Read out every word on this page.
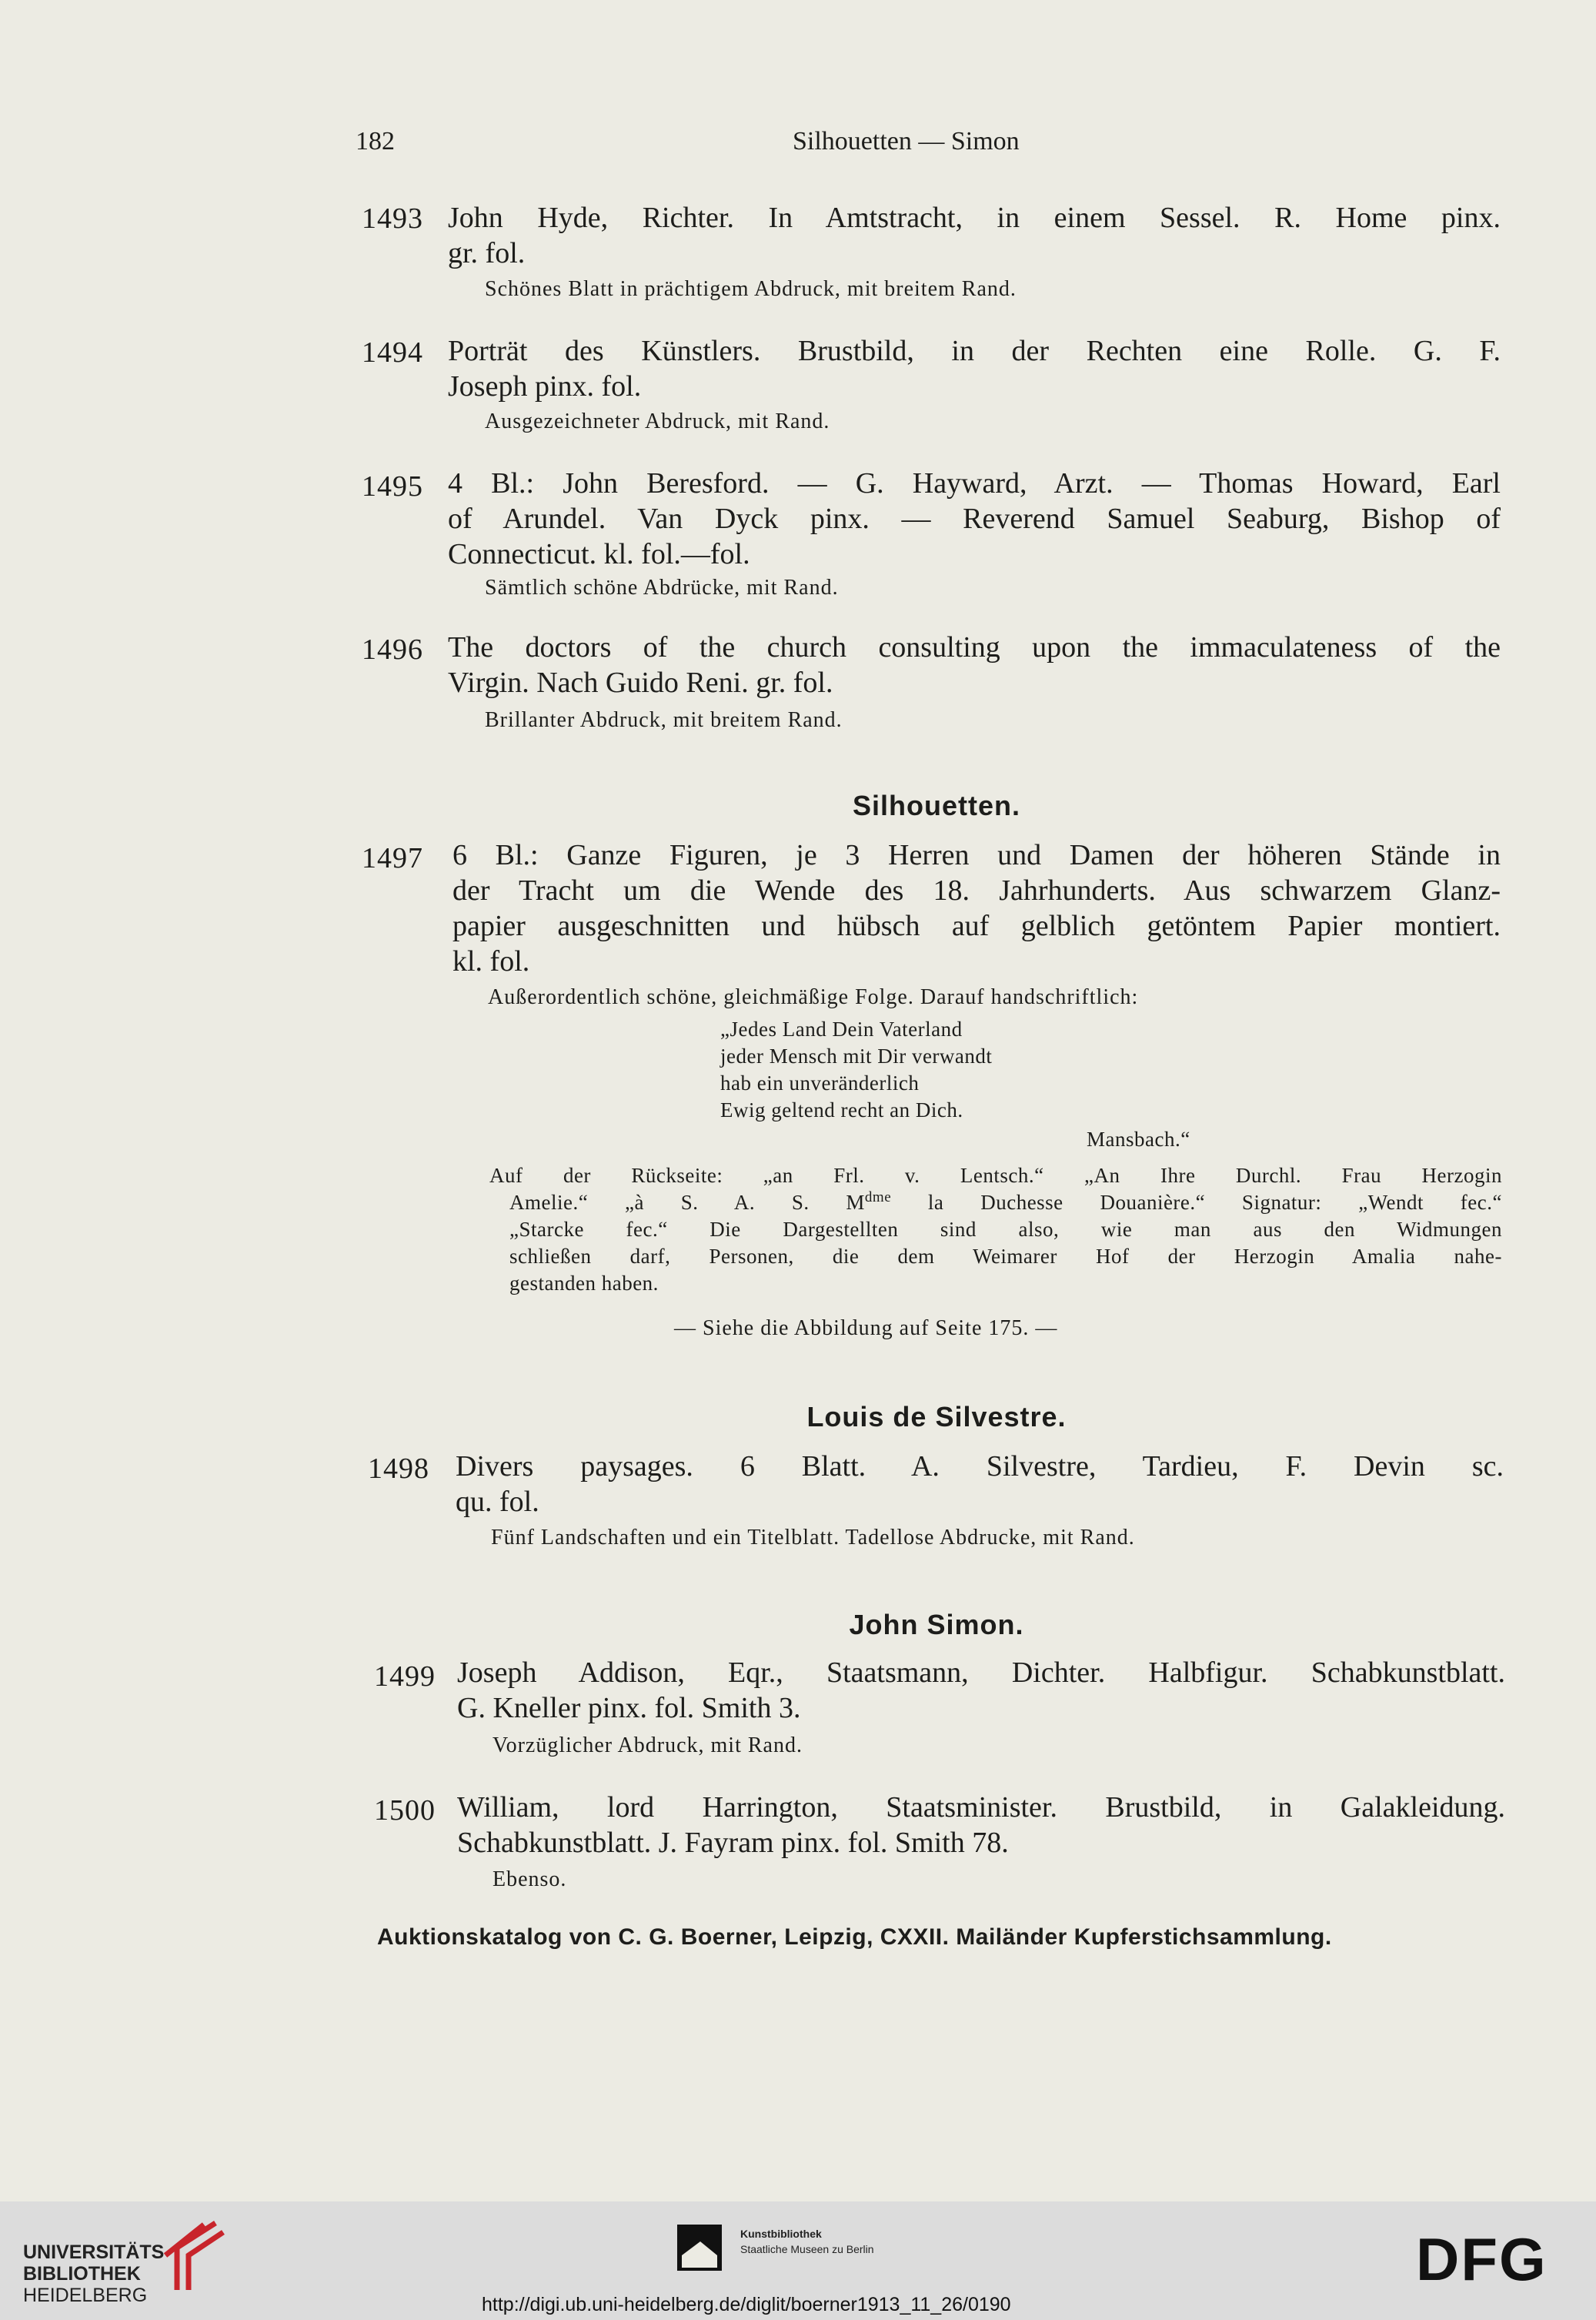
182	Silhouetten — Simon
1493 John Hyde, Richter. In Amtstracht, in einem Sessel. R. Home pinx.
gr. fol.
Schönes Blatt in prächtigem Abdruck, mit breitem Rand.
1494 Porträt des Künstlers. Brustbild, in der Rechten eine Rolle. G. F.
Joseph pinx. fol.
Ausgezeichneter Abdruck, mit Rand.
1495 4 Bl.: John Beresford. — G. Hayward, Arzt. — Thomas Howard, Earl
of Arundel. Van Dyck pinx. — Reverend Samuel Seaburg, Bishop of
Connecticut. kl. fol.—fol.
Sämtlich schöne Abdrücke, mit Rand.
1496 The doctors of the church consulting upon the immaculateness of the
Virgin. Nach Guido Reni. gr. fol.
Brillanter Abdruck, mit breitem Rand.
Silhouetten.
1497 6 Bl.: Ganze Figuren, je 3 Herren und Damen der höheren Stände in
der Tracht um die Wende des 18. Jahrhunderts. Aus schwarzem Glanz-
papier ausgeschnitten und hübsch auf gelblich getöntem Papier montiert.
kl. fol.
Außerordentlich schöne, gleichmäßige Folge. Darauf handschriftlich:
„Jedes Land Dein Vaterland
jeder Mensch mit Dir verwandt
hab ein unveränderlich
Ewig geltend recht an Dich.
Mansbach.“
Auf der Rückseite: „an Frl. v. Lentsch.“ „An Ihre Durchl. Frau Herzogin
Amelie.“ „à S. A. S. $M^{dme}$ la Duchesse Douanière.“ Signatur: „Wendt fec.“
„Starcke fec.“ Die Dargestellten sind also, wie man aus den Widmungen
schließen darf, Personen, die dem Weimarer Hof der Herzogin Amalia nahe-
gestanden haben.
— Siehe die Abbildung auf Seite 175. —
Louis de Silvestre.
1498 Divers paysages. 6 Blatt. A. Silvestre, Tardieu, F. Devin sc.
qu. fol.
Fünf Landschaften und ein Titelblatt. Tadellose Abdrucke, mit Rand.
John Simon.
1499 Joseph Addison, Eqr., Staatsmann, Dichter. Halbfigur. Schabkunstblatt.
G. Kneller pinx. fol. Smith 3.
Vorzüglicher Abdruck, mit Rand.
1500 William, lord Harrington, Staatsminister. Brustbild, in Galakleidung.
Schabkunstblatt. J. Fayram pinx. fol. Smith 78.
Ebenso.
Auktionskatalog von C. G. Boerner, Leipzig, CXXII. Mailänder Kupferstichsammlung.
UNIVERSITÄTS-
BIBLIOTHEK
HEIDELBERG
Kunstbibliothek
Staatliche Museen zu Berlin	DFG
http://digi.ub.uni-heidelberg.de/diglit/boerner1913_11_26/0190
